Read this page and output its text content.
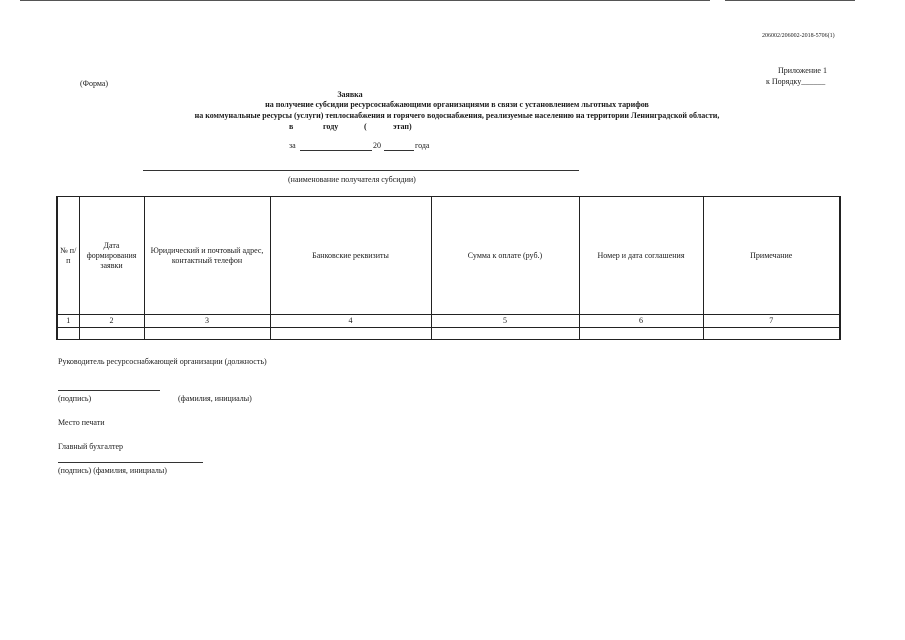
206002/206002-2018-5706(1)
Приложение 1
к Порядку______
(Форма)
Заявка
на получение субсидии ресурсоснабжающими организациями в связи с установлением льготных тарифов
на коммунальные ресурсы (услуги) теплоснабжения и горячего водоснабжения, реализуемые населению на территории Ленинградской области,
в	году	(	этап)
за	20	года
(наименование получателя субсидии)
№ п/п	Дата формирования заявки	Юридический и почтовый адрес, контактный телефон	Банковские реквизиты	Сумма к оплате (руб.)	Номер и дата соглашения	Примечание
1	2	3	4	5	6	7

Руководитель ресурсоснабжающей организации (должность)
(подпись)	(фамилия, инициалы)
Место печати
Главный бухгалтер
(подпись) (фамилия, инициалы)
